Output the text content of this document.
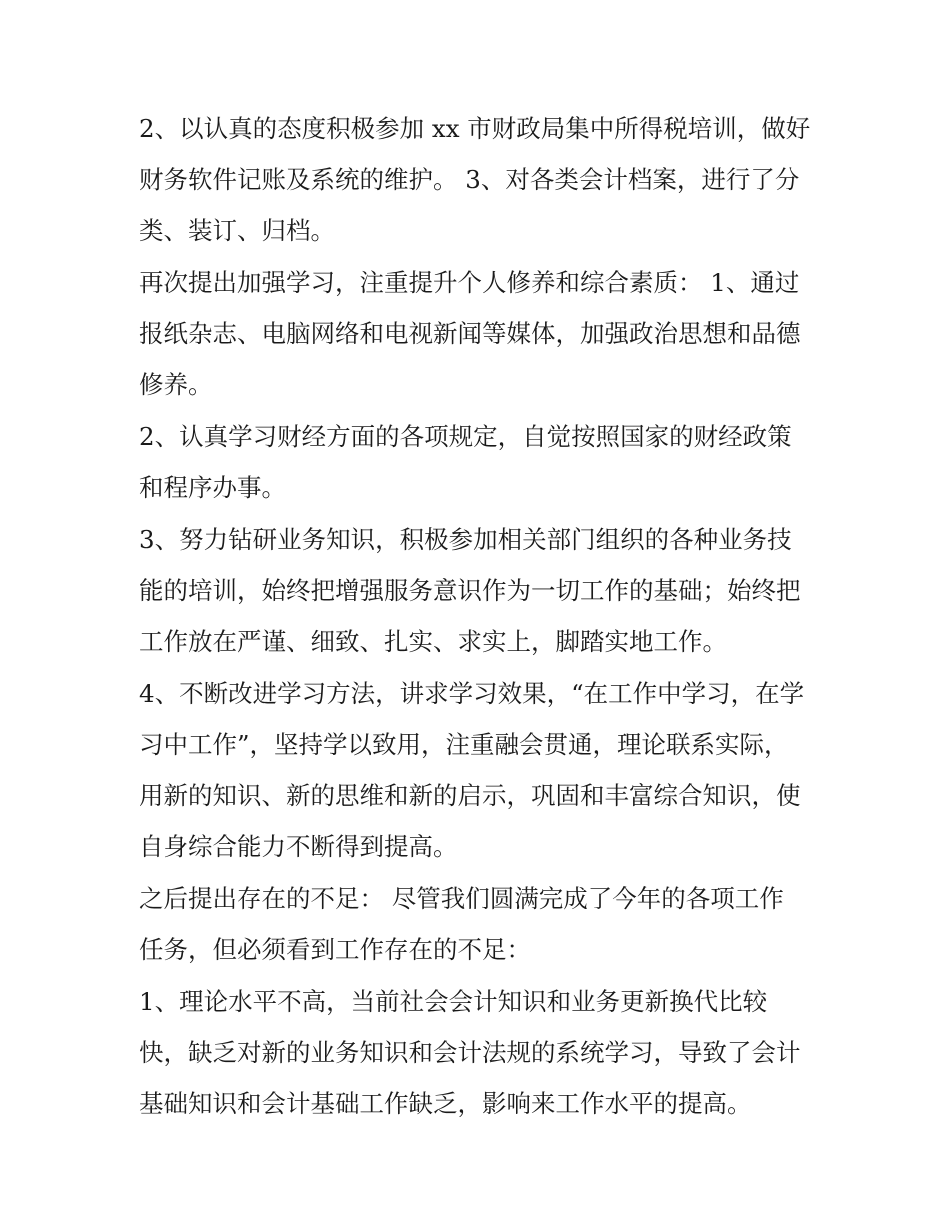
2、以认真的态度积极参加 xx 市财政局集中所得税培训，做好
财务软件记账及系统的维护。 3、对各类会计档案，进行了分
类、装订、归档。
再次提出加强学习，注重提升个人修养和综合素质： 1、通过
报纸杂志、电脑网络和电视新闻等媒体，加强政治思想和品德
修养。
2、认真学习财经方面的各项规定，自觉按照国家的财经政策
和程序办事。
3、努力钻研业务知识，积极参加相关部门组织的各种业务技
能的培训，始终把增强服务意识作为一切工作的基础；始终把
工作放在严谨、细致、扎实、求实上，脚踏实地工作。
4、不断改进学习方法，讲求学习效果，“在工作中学习，在学
习中工作”，坚持学以致用，注重融会贯通，理论联系实际，
用新的知识、新的思维和新的启示，巩固和丰富综合知识，使
自身综合能力不断得到提高。
之后提出存在的不足： 尽管我们圆满完成了今年的各项工作
任务，但必须看到工作存在的不足：
1、理论水平不高，当前社会会计知识和业务更新换代比较
快，缺乏对新的业务知识和会计法规的系统学习，导致了会计
基础知识和会计基础工作缺乏，影响来工作水平的提高。
